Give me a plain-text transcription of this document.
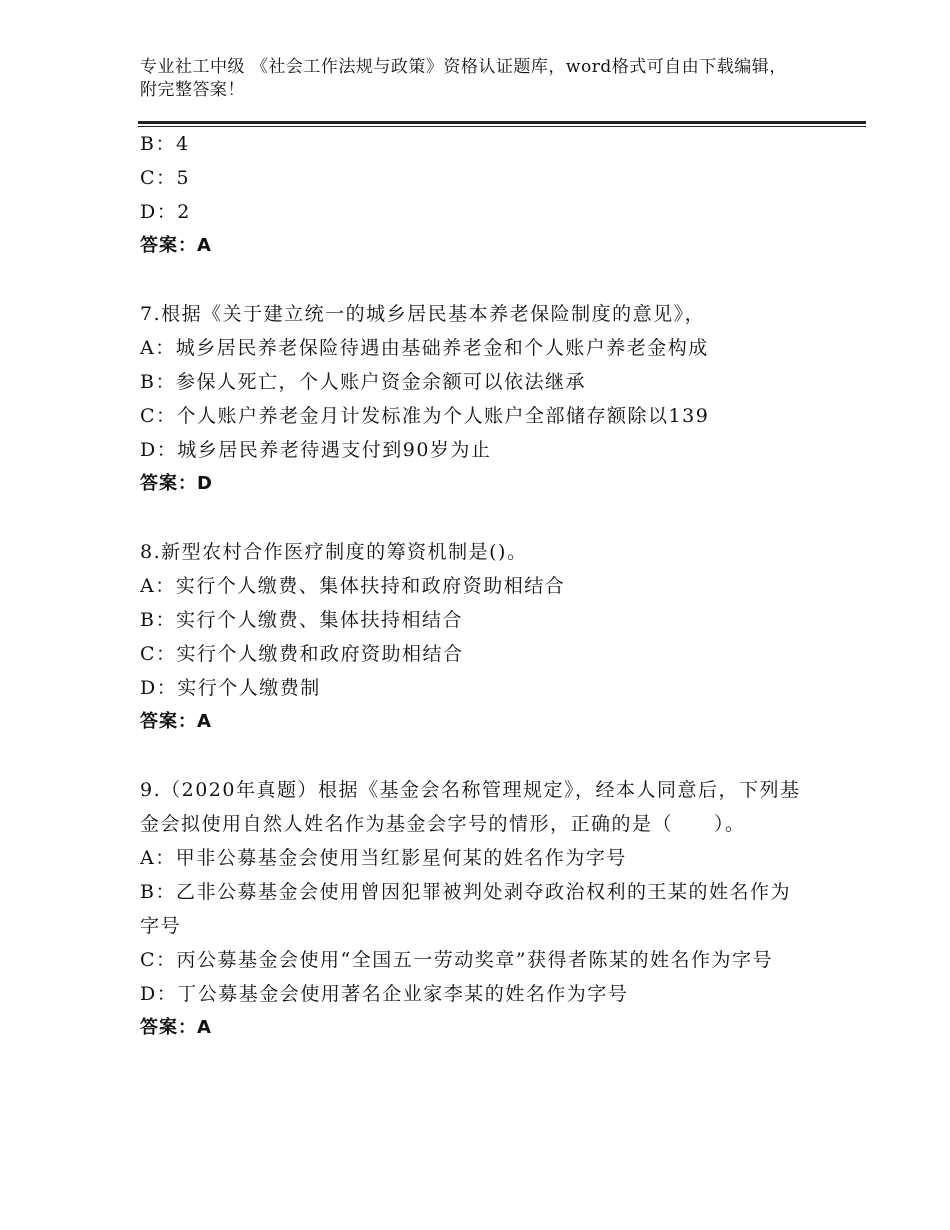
专业社工中级 《社会工作法规与政策》资格认证题库，word格式可自由下载编辑，附完整答案！
B：4
C：5
D：2
答案：A
7.根据《关于建立统一的城乡居民基本养老保险制度的意见》，
A：城乡居民养老保险待遇由基础养老金和个人账户养老金构成
B：参保人死亡，个人账户资金余额可以依法继承
C：个人账户养老金月计发标准为个人账户全部储存额除以139
D：城乡居民养老待遇支付到90岁为止
答案：D
8.新型农村合作医疗制度的筹资机制是()。
A：实行个人缴费、集体扶持和政府资助相结合
B：实行个人缴费、集体扶持相结合
C：实行个人缴费和政府资助相结合
D：实行个人缴费制
答案：A
9.（2020年真题）根据《基金会名称管理规定》，经本人同意后，下列基金会拟使用自然人姓名作为基金会字号的情形，正确的是（　　）。
A：甲非公募基金会使用当红影星何某的姓名作为字号
B：乙非公募基金会使用曾因犯罪被判处剥夺政治权利的王某的姓名作为字号
C：丙公募基金会使用“全国五一劳动奖章”获得者陈某的姓名作为字号
D：丁公募基金会使用著名企业家李某的姓名作为字号
答案：A
